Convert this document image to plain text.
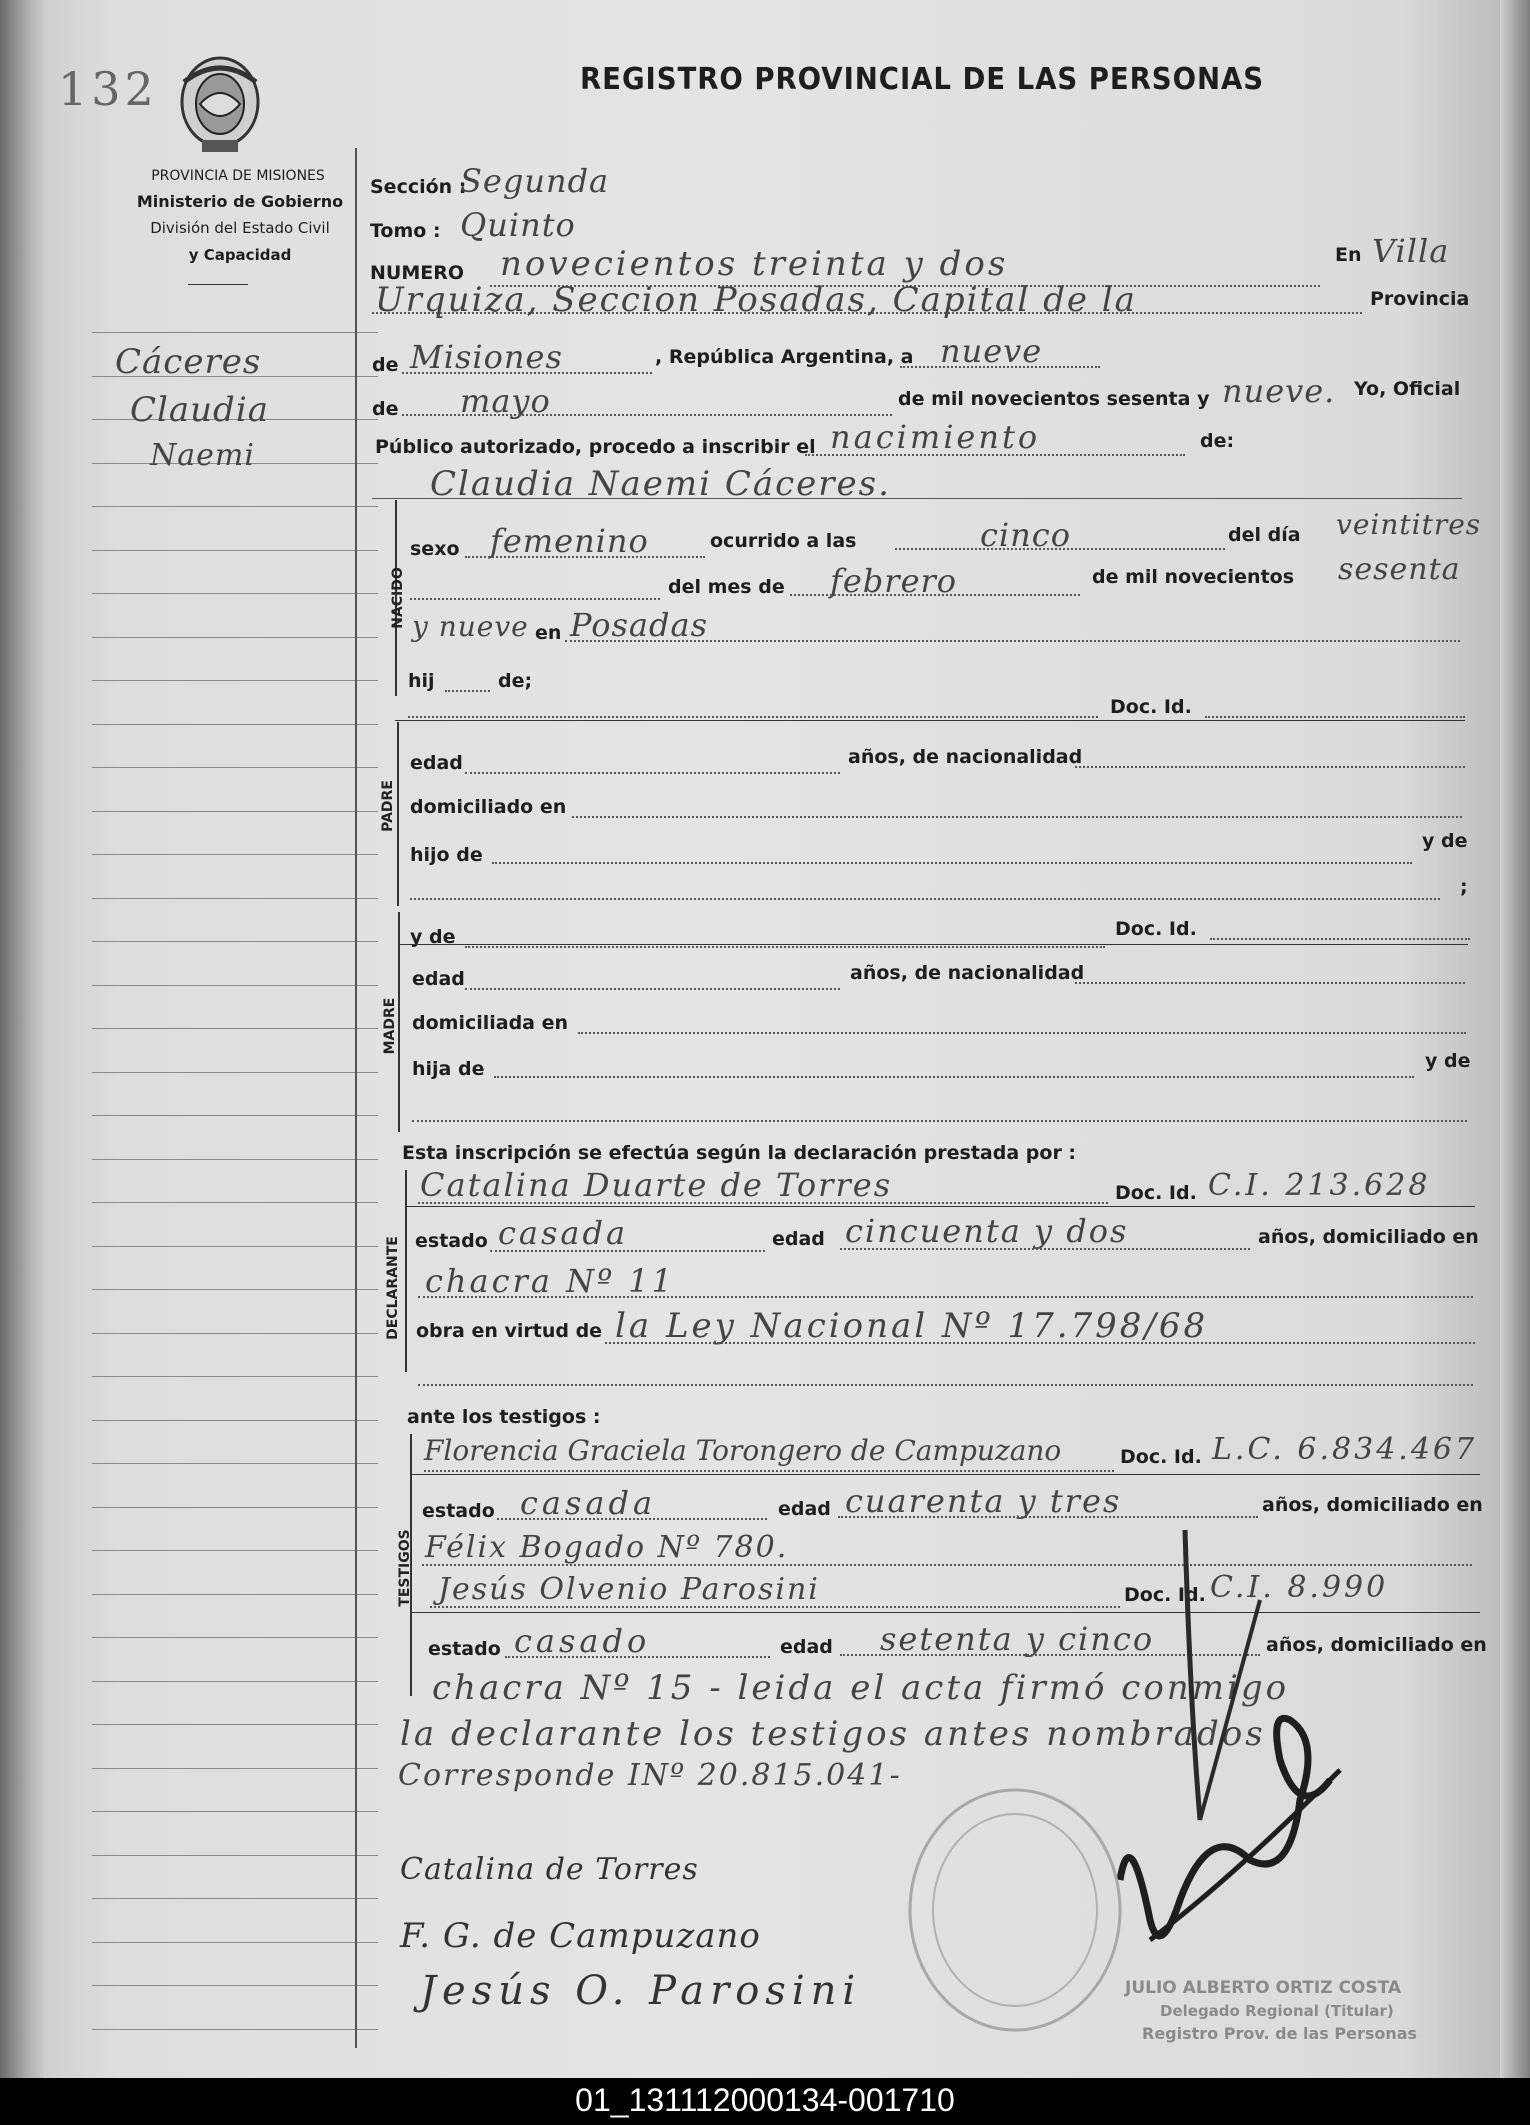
132	REGISTRO PROVINCIAL DE LAS PERSONAS
PROVINCIA DE MISIONES
Ministerio de Gobierno
División del Estado Civil
y Capacidad
Cáceres
Claudia
Naemi
Sección :
Segunda
Tomo : Quinto
NUMERO novecientos treinta y dos	En Villa
Urquiza, Seccion Posadas, Capital de la	Provincia
de Misiones	, República Argentina, a nueve
de mayo	de mil novecientos sesenta y nueve. Yo, Oficial
Público autorizado, procedo a inscribir el nacimiento	de:
Claudia Naemi Cáceres.
NACIDO
sexo femenino	ocurrido a las	cinco	del día veintitres
del mes de febrero	de mil novecientos sesenta
y nueve en Posadas
hij	de;
Doc. Id.
PADRE
edad	años, de nacionalidad
domiciliado en
hijo de
y de
;
y de	Doc. Id.
MADRE
edad	años, de nacionalidad
domiciliada en
hija de	y de
Esta inscripción se efectúa según la declaración prestada por :
DECLARANTE
Catalina Duarte de Torres	Doc. Id. C.I. 213.628
estado casada	edad cincuenta y dos	años, domiciliado en
chacra Nº 11
obra en virtud de la Ley Nacional Nº 17.798/68
ante los testigos :
TESTIGOS
Florencia Graciela Torongero de Campuzano	Doc. Id. L.C. 6.834.467
estado casada	edad cuarenta y tres	años, domiciliado en
Félix Bogado Nº 780.
Jesús Olvenio Parosini	Doc. Id. C.I. 8.990
estado casado	edad setenta y cinco	años, domiciliado en
chacra Nº 15 - leida el acta firmó conmigo
la declarante los testigos antes nombrados
Corresponde INº 20.815.041-
Catalina de Torres
F. G. de Campuzano
Jesús O. Parosini	JULIO ALBERTO ORTIZ COSTA
Delegado Regional (Titular)
Registro Prov. de las Personas
01_131112000134-001710
